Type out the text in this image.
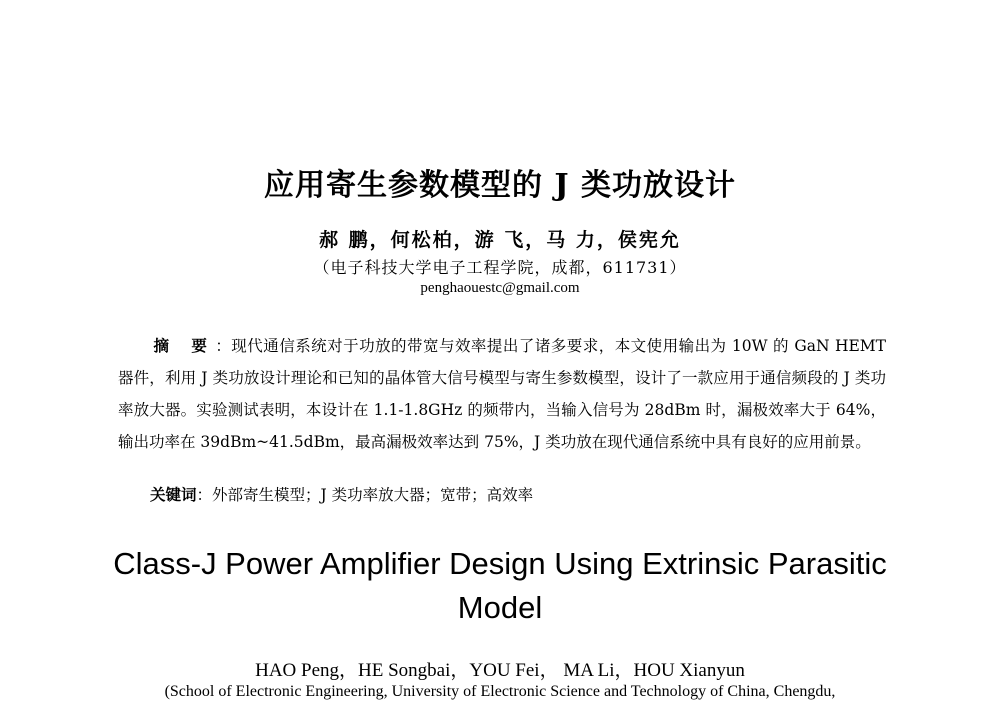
应用寄生参数模型的 J 类功放设计
郝 鹏，何松柏，游 飞，马 力，侯宪允
（电子科技大学电子工程学院，成都，611731）
penghaouestc@gmail.com
摘 要：现代通信系统对于功放的带宽与效率提出了诸多要求，本文使用输出为 10W 的 GaN HEMT 器件，利用 J 类功放设计理论和已知的晶体管大信号模型与寄生参数模型，设计了一款应用于通信频段的 J 类功率放大器。实验测试表明，本设计在 1.1-1.8GHz 的频带内，当输入信号为 28dBm 时，漏极效率大于 64%，输出功率在 39dBm~41.5dBm，最高漏极效率达到 75%，J 类功放在现代通信系统中具有良好的应用前景。
关键词：外部寄生模型；J 类功率放大器；宽带；高效率
Class-J Power Amplifier Design Using Extrinsic Parasitic Model
HAO Peng，HE Songbai，YOU Fei， MA Li，HOU Xianyun
(School of Electronic Engineering, University of Electronic Science and Technology of China, Chengdu,
